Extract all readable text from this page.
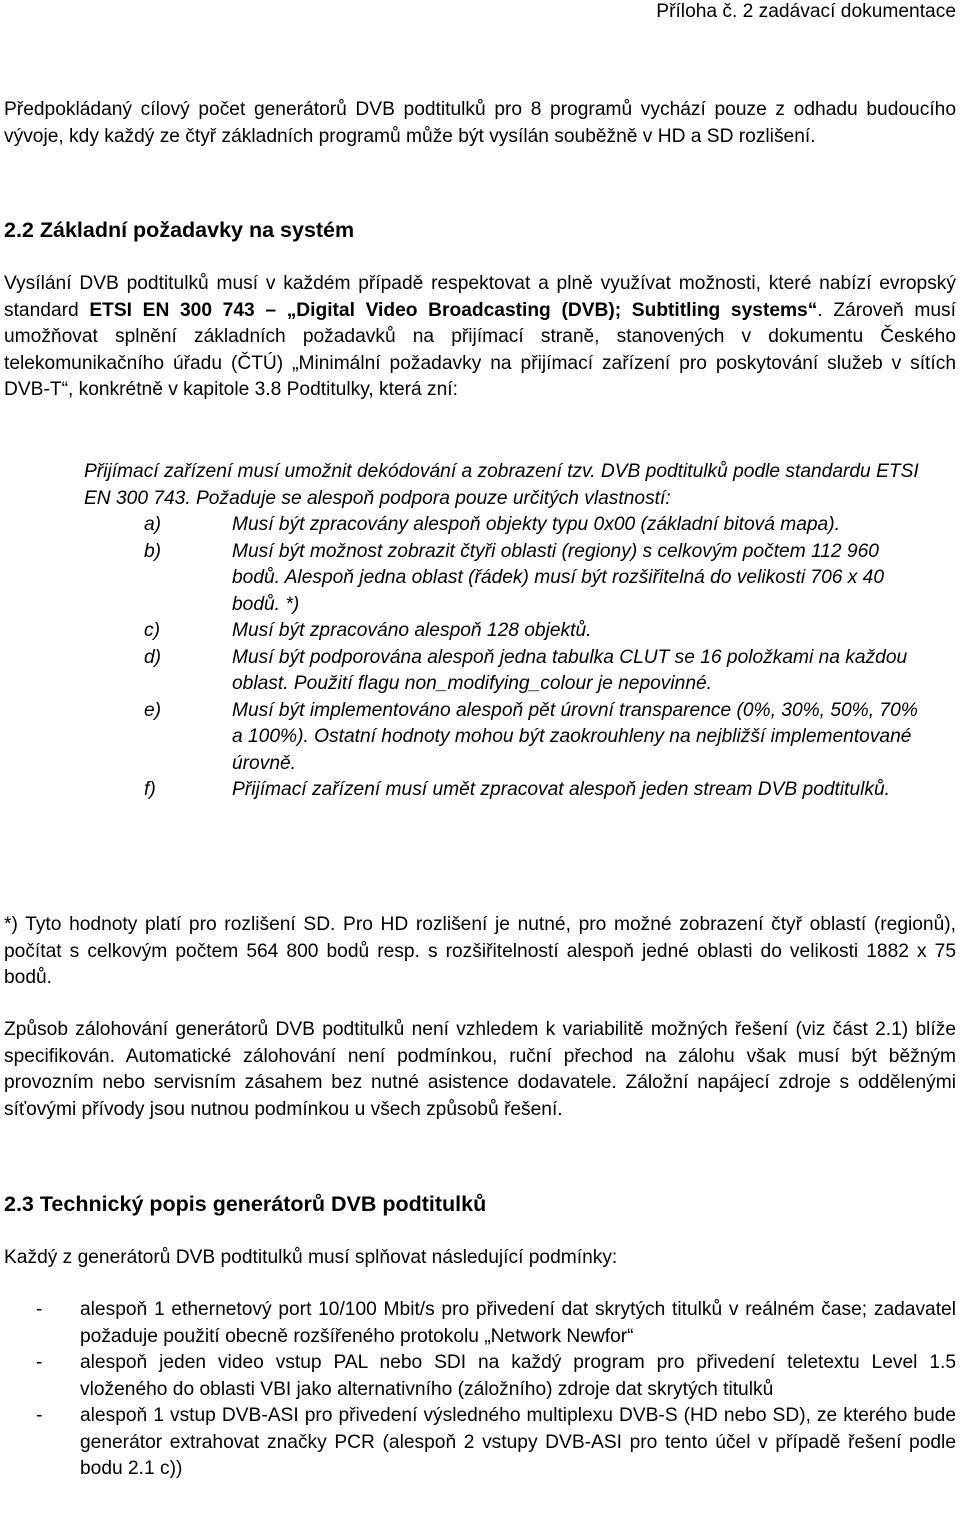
Příloha č. 2 zadávací dokumentace

Předpokládaný cílový počet generátorů DVB podtitulků pro 8 programů vychází pouze z odhadu budoucího vývoje, kdy každý ze čtyř základních programů může být vysílán souběžně v HD a SD rozlišení.

2.2 Základní požadavky na systém

Vysílání DVB podtitulků musí v každém případě respektovat a plně využívat možnosti, které nabízí evropský standard ETSI EN 300 743 – „Digital Video Broadcasting (DVB); Subtitling systems“. Zároveň musí umožňovat splnění základních požadavků na přijímací straně, stanovených v dokumentu Českého telekomunikačního úřadu (ČTÚ) „Minimální požadavky na přijímací zařízení pro poskytování služeb v sítích DVB-T“, konkrétně v kapitole 3.8 Podtitulky, která zní:

Přijímací zařízení musí umožnit dekódování a zobrazení tzv. DVB podtitulků podle standardu ETSI EN 300 743. Požaduje se alespoň podpora pouze určitých vlastností:

a)	Musí být zpracovány alespoň objekty typu 0x00 (základní bitová mapa).
b)	Musí být možnost zobrazit čtyři oblasti (regiony) s celkovým počtem 112 960 bodů. Alespoň jedna oblast (řádek) musí být rozšiřitelná do velikosti 706 x 40 bodů. *)
c)	Musí být zpracováno alespoň 128 objektů.
d)	Musí být podporována alespoň jedna tabulka CLUT se 16 položkami na každou oblast. Použití flagu non_modifying_colour je nepovinné.
e)	Musí být implementováno alespoň pět úrovní transparence (0%, 30%, 50%, 70% a 100%). Ostatní hodnoty mohou být zaokrouhleny na nejbližší implementované úrovně.
f)	Přijímací zařízení musí umět zpracovat alespoň jeden stream DVB podtitulků.

*) Tyto hodnoty platí pro rozlišení SD. Pro HD rozlišení je nutné, pro možné zobrazení čtyř oblastí (regionů), počítat s celkovým počtem 564 800 bodů resp. s rozšiřitelností alespoň jedné oblasti do velikosti 1882 x 75 bodů.

Způsob zálohování generátorů DVB podtitulků není vzhledem k variabilitě možných řešení (viz část 2.1) blíže specifikován. Automatické zálohování není podmínkou, ruční přechod na zálohu však musí být běžným provozním nebo servisním zásahem bez nutné asistence dodavatele. Záložní napájecí zdroje s oddělenými síťovými přívody jsou nutnou podmínkou u všech způsobů řešení.

2.3 Technický popis generátorů DVB podtitulků

Každý z generátorů DVB podtitulků musí splňovat následující podmínky:

-	alespoň 1 ethernetový port 10/100 Mbit/s pro přivedení dat skrytých titulků v reálném čase; zadavatel požaduje použití obecně rozšířeného protokolu „Network Newfor“
-	alespoň jeden video vstup PAL nebo SDI na každý program pro přivedení teletextu Level 1.5 vloženého do oblasti VBI jako alternativního (záložního) zdroje dat skrytých titulků
-	alespoň 1 vstup DVB-ASI pro přivedení výsledného multiplexu DVB-S (HD nebo SD), ze kterého bude generátor extrahovat značky PCR (alespoň 2 vstupy DVB-ASI pro tento účel v případě řešení podle bodu 2.1 c))
